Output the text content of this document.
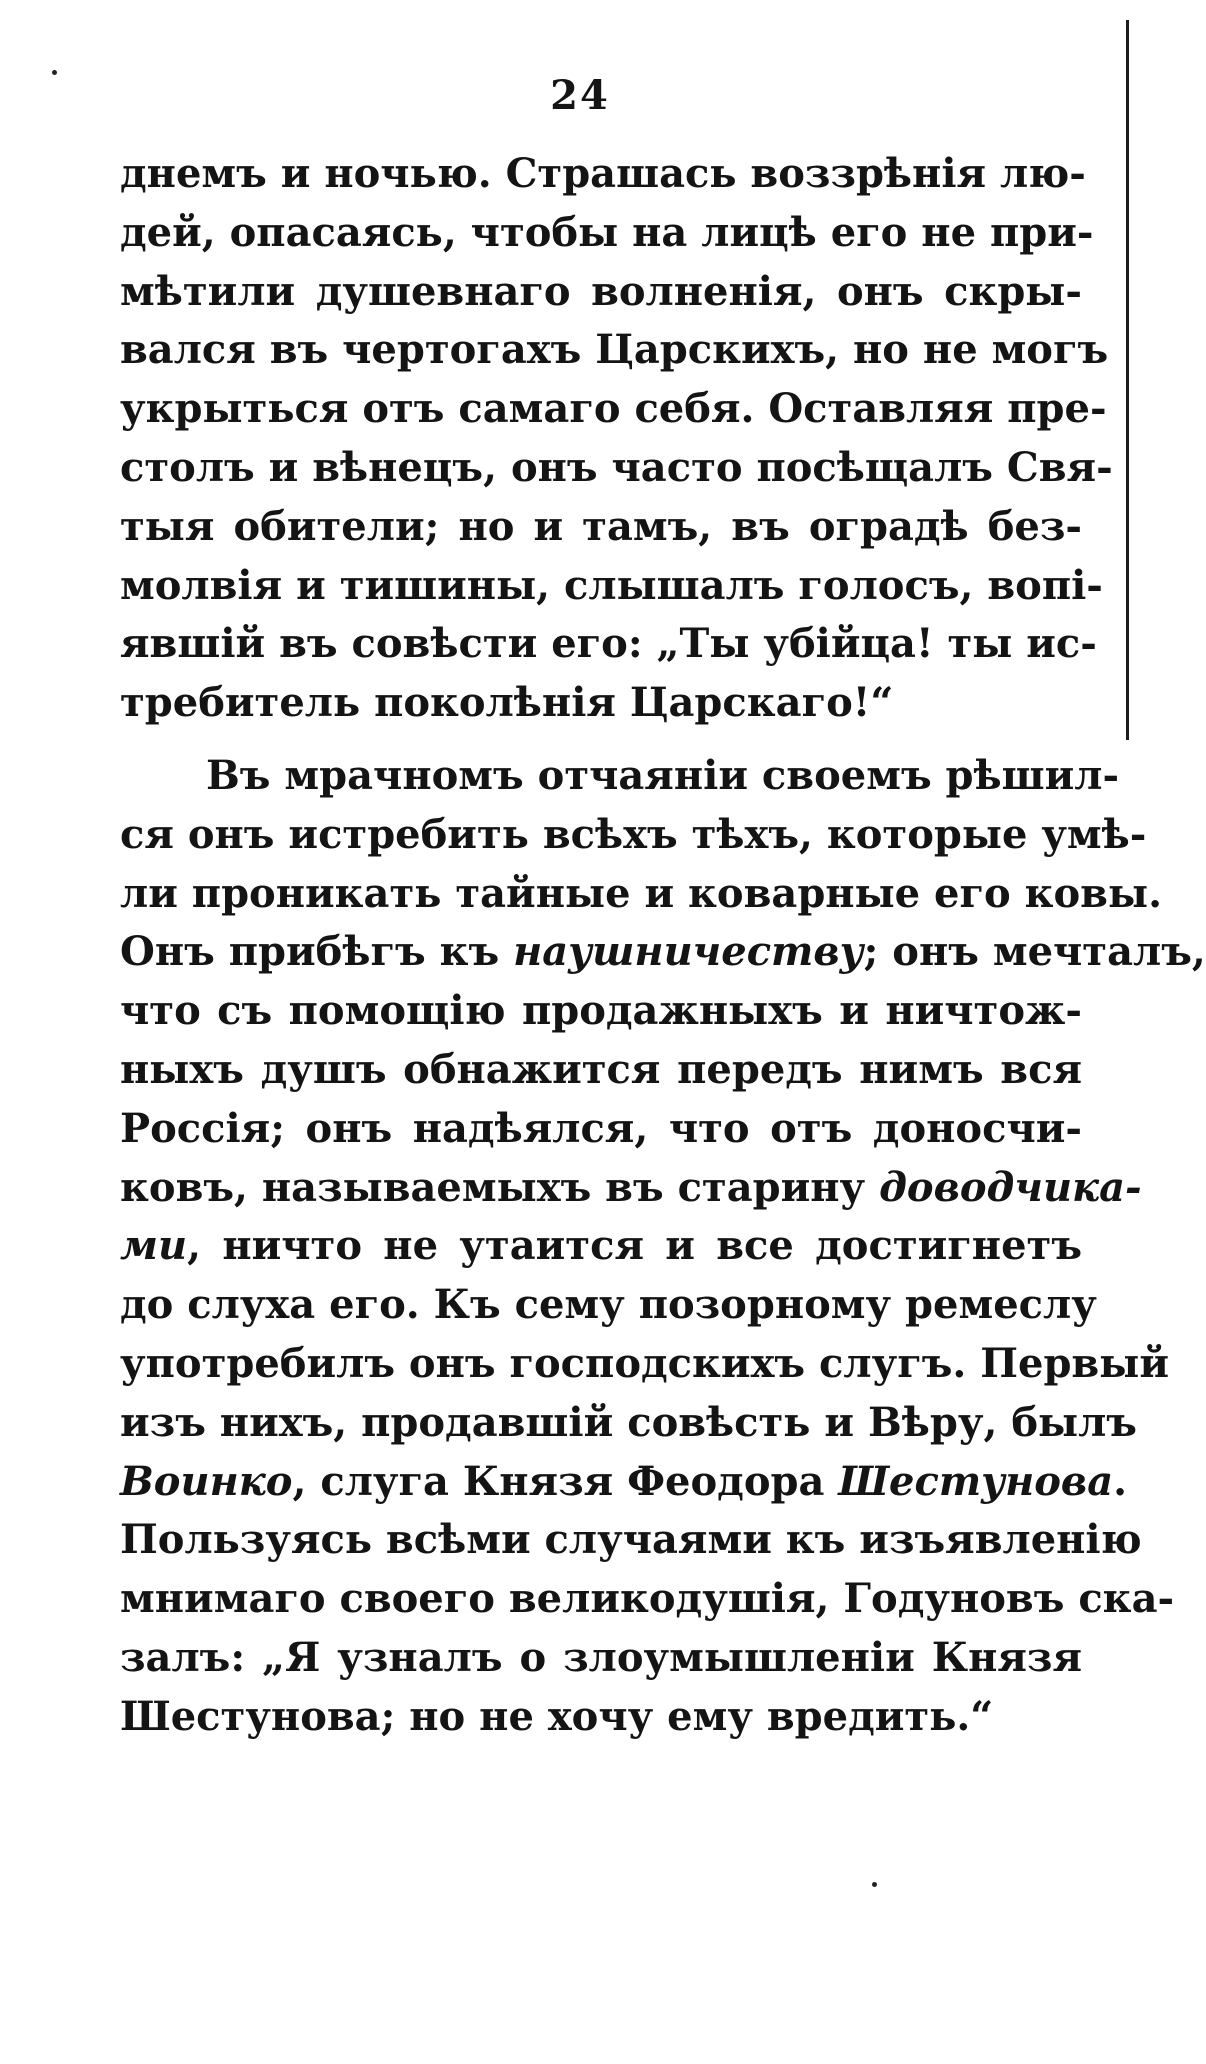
24
днемъ и ночью. Страшась воззрѣнія лю-
дей, опасаясь, чтобы на лицѣ его не при-
мѣтили душевнаго волненія, онъ скры-
вался въ чертогахъ Царскихъ, но не могъ
укрыться отъ самаго себя. Оставляя пре-
столъ и вѣнецъ, онъ часто посѣщалъ Свя-
тыя обители; но и тамъ, въ оградѣ без-
молвія и тишины, слышалъ голосъ, вопі-
явшій въ совѣсти его: „Ты убійца! ты ис-
требитель поколѣнія Царскаго!“
Въ мрачномъ отчаяніи своемъ рѣшил-
ся онъ истребить всѣхъ тѣхъ, которые умѣ-
ли проникать тайные и коварные его ковы.
Онъ прибѣгъ къ наушничеству; онъ мечталъ,
что съ помощію продажныхъ и ничтож-
ныхъ душъ обнажится передъ нимъ вся
Россія; онъ надѣялся, что отъ доносчи-
ковъ, называемыхъ въ старину доводчика-
ми, ничто не утаится и все достигнетъ
до слуха его. Къ сему позорному ремеслу
употребилъ онъ господскихъ слугъ. Первый
изъ нихъ, продавшій совѣсть и Вѣру, былъ
Воинко, слуга Князя Феодора Шестунова.
Пользуясь всѣми случаями къ изъявленію
мнимаго своего великодушія, Годуновъ ска-
залъ: „Я узналъ о злоумышленіи Князя
Шестунова; но не хочу ему вредить.“
